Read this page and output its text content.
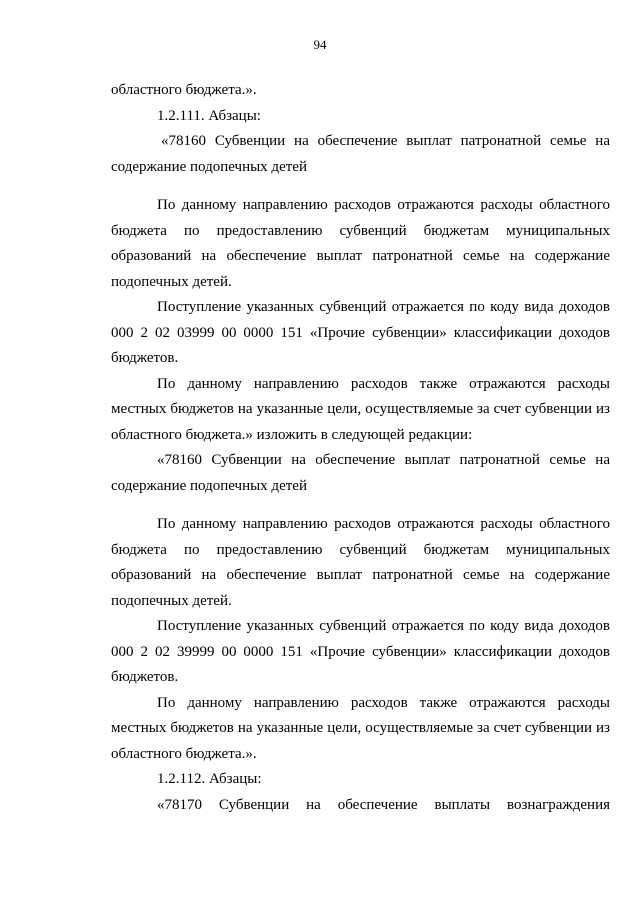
94
областного бюджета.».
1.2.111. Абзацы:
«78160 Субвенции на обеспечение выплат патронатной семье на
содержание подопечных детей
По данному направлению расходов отражаются расходы областного
бюджета по предоставлению субвенций бюджетам муниципальных
образований на обеспечение выплат патронатной семье на содержание
подопечных детей.
Поступление указанных субвенций отражается по коду вида доходов
000 2 02 03999 00 0000 151 «Прочие субвенции» классификации доходов
бюджетов.
По данному направлению расходов также отражаются расходы
местных бюджетов на указанные цели, осуществляемые за счет субвенции из
областного бюджета.» изложить в следующей редакции:
«78160 Субвенции на обеспечение выплат патронатной семье на
содержание подопечных детей
По данному направлению расходов отражаются расходы областного
бюджета по предоставлению субвенций бюджетам муниципальных
образований на обеспечение выплат патронатной семье на содержание
подопечных детей.
Поступление указанных субвенций отражается по коду вида доходов
000 2 02 39999 00 0000 151 «Прочие субвенции» классификации доходов
бюджетов.
По данному направлению расходов также отражаются расходы
местных бюджетов на указанные цели, осуществляемые за счет субвенции из
областного бюджета.».
1.2.112. Абзацы:
«78170 Субвенции на обеспечение выплаты вознаграждения
